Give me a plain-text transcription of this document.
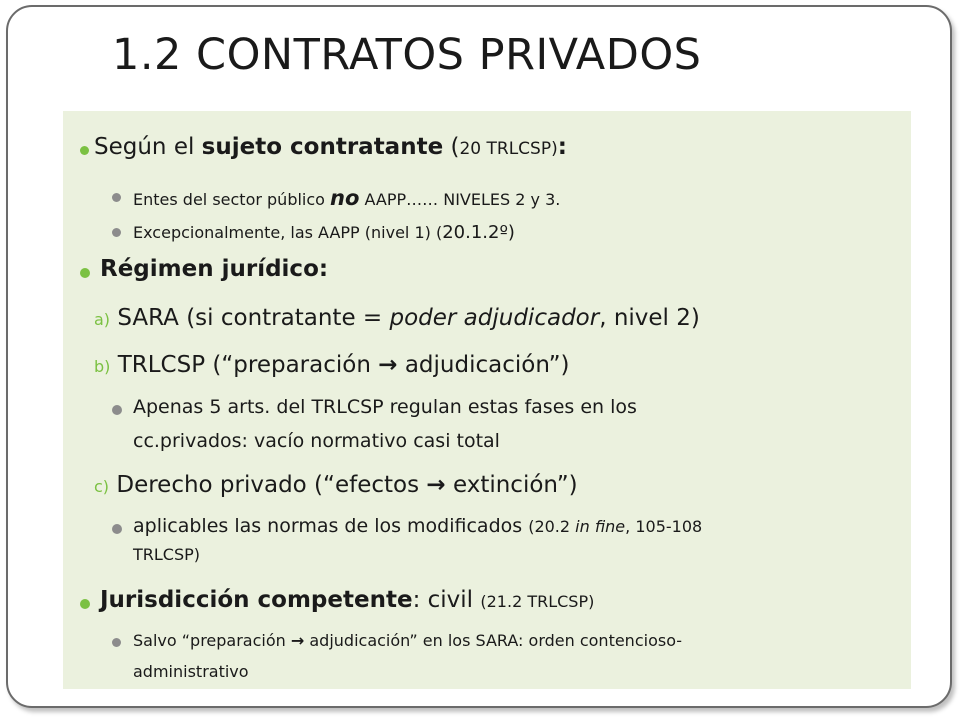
1.2 CONTRATOS PRIVADOS
Según el sujeto contratante (20 TRLCSP):
Entes del sector público no AAPP…… NIVELES 2 y 3.
Excepcionalmente, las AAPP (nivel 1) (20.1.2º)
Régimen jurídico:
a) SARA (si contratante = poder adjudicador, nivel 2)
b) TRLCSP (“preparación → adjudicación”)
Apenas 5 arts. del TRLCSP regulan estas fases en los
cc.privados: vacío normativo casi total
c) Derecho privado (“efectos → extinción”)
aplicables las normas de los modificados (20.2 in fine, 105-108
TRLCSP)
Jurisdicción competente: civil (21.2 TRLCSP)
Salvo “preparación → adjudicación” en los SARA: orden contencioso-
administrativo
